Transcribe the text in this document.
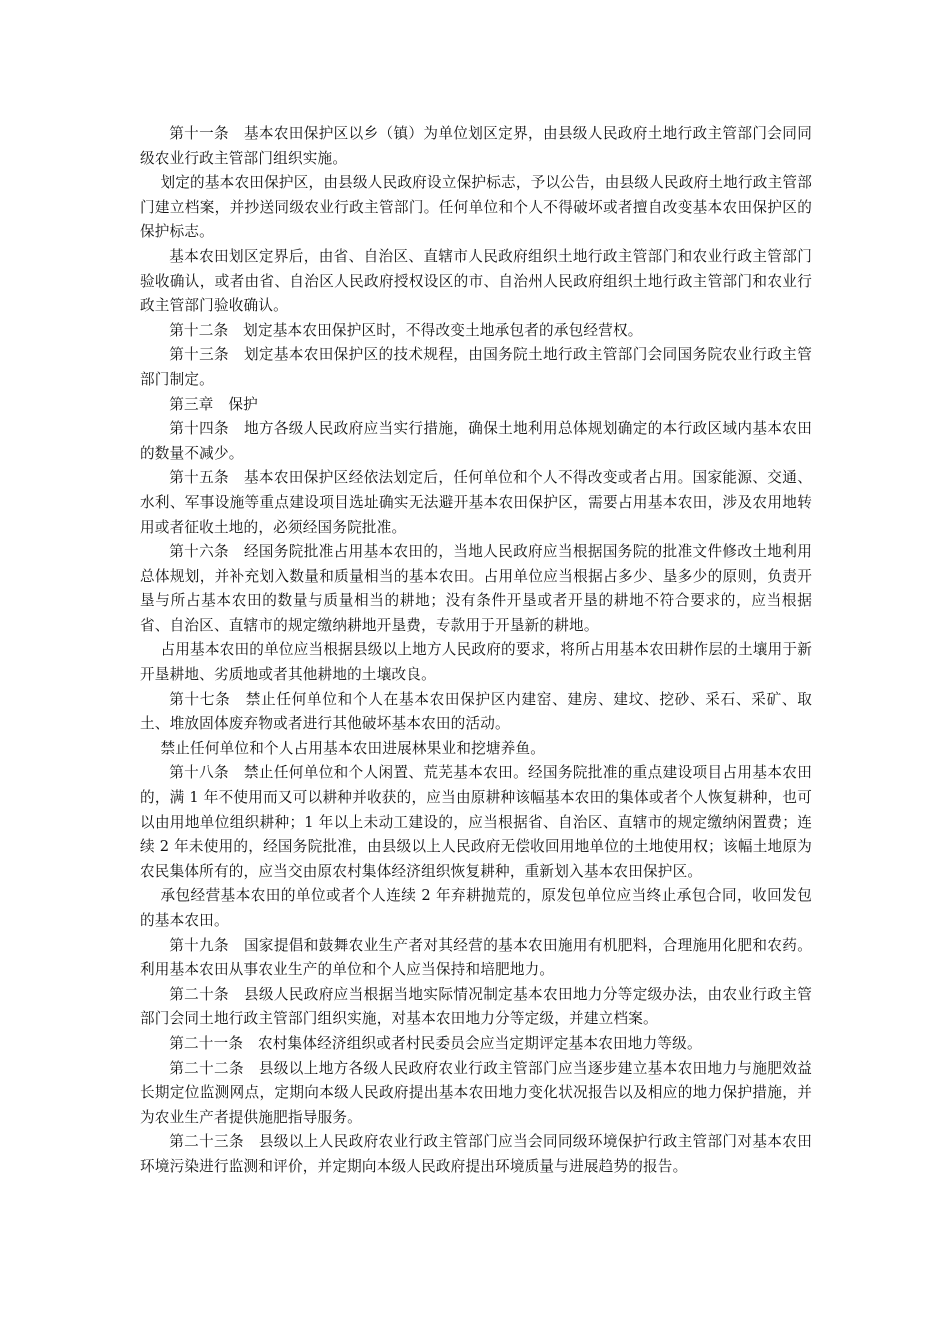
第十一条　基本农田保护区以乡（镇）为单位划区定界，由县级人民政府土地行政主管部门会同同级农业行政主管部门组织实施。

划定的基本农田保护区，由县级人民政府设立保护标志，予以公告，由县级人民政府土地行政主管部门建立档案，并抄送同级农业行政主管部门。任何单位和个人不得破坏或者擅自改变基本农田保护区的保护标志。

基本农田划区定界后，由省、自治区、直辖市人民政府组织土地行政主管部门和农业行政主管部门验收确认，或者由省、自治区人民政府授权设区的市、自治州人民政府组织土地行政主管部门和农业行政主管部门验收确认。

第十二条　划定基本农田保护区时，不得改变土地承包者的承包经营权。

第十三条　划定基本农田保护区的技术规程，由国务院土地行政主管部门会同国务院农业行政主管部门制定。

第三章　保护

第十四条　地方各级人民政府应当实行措施，确保土地利用总体规划确定的本行政区域内基本农田的数量不减少。

第十五条　基本农田保护区经依法划定后，任何单位和个人不得改变或者占用。国家能源、交通、水利、军事设施等重点建设项目选址确实无法避开基本农田保护区，需要占用基本农田，涉及农用地转用或者征收土地的，必须经国务院批准。

第十六条　经国务院批准占用基本农田的，当地人民政府应当根据国务院的批准文件修改土地利用总体规划，并补充划入数量和质量相当的基本农田。占用单位应当根据占多少、垦多少的原则，负责开垦与所占基本农田的数量与质量相当的耕地；没有条件开垦或者开垦的耕地不符合要求的，应当根据省、自治区、直辖市的规定缴纳耕地开垦费，专款用于开垦新的耕地。

占用基本农田的单位应当根据县级以上地方人民政府的要求，将所占用基本农田耕作层的土壤用于新开垦耕地、劣质地或者其他耕地的土壤改良。

第十七条　禁止任何单位和个人在基本农田保护区内建窑、建房、建坟、挖砂、采石、采矿、取土、堆放固体废弃物或者进行其他破坏基本农田的活动。

禁止任何单位和个人占用基本农田进展林果业和挖塘养鱼。

第十八条　禁止任何单位和个人闲置、荒芜基本农田。经国务院批准的重点建设项目占用基本农田的，满 1 年不使用而又可以耕种并收获的，应当由原耕种该幅基本农田的集体或者个人恢复耕种，也可以由用地单位组织耕种；1 年以上未动工建设的，应当根据省、自治区、直辖市的规定缴纳闲置费；连续 2 年未使用的，经国务院批准，由县级以上人民政府无偿收回用地单位的土地使用权；该幅土地原为农民集体所有的，应当交由原农村集体经济组织恢复耕种，重新划入基本农田保护区。

承包经营基本农田的单位或者个人连续 2 年弃耕抛荒的，原发包单位应当终止承包合同，收回发包的基本农田。

第十九条　国家提倡和鼓舞农业生产者对其经营的基本农田施用有机肥料，合理施用化肥和农药。利用基本农田从事农业生产的单位和个人应当保持和培肥地力。

第二十条　县级人民政府应当根据当地实际情况制定基本农田地力分等定级办法，由农业行政主管部门会同土地行政主管部门组织实施，对基本农田地力分等定级，并建立档案。

第二十一条　农村集体经济组织或者村民委员会应当定期评定基本农田地力等级。

第二十二条　县级以上地方各级人民政府农业行政主管部门应当逐步建立基本农田地力与施肥效益长期定位监测网点，定期向本级人民政府提出基本农田地力变化状况报告以及相应的地力保护措施，并为农业生产者提供施肥指导服务。

第二十三条　县级以上人民政府农业行政主管部门应当会同同级环境保护行政主管部门对基本农田环境污染进行监测和评价，并定期向本级人民政府提出环境质量与进展趋势的报告。
